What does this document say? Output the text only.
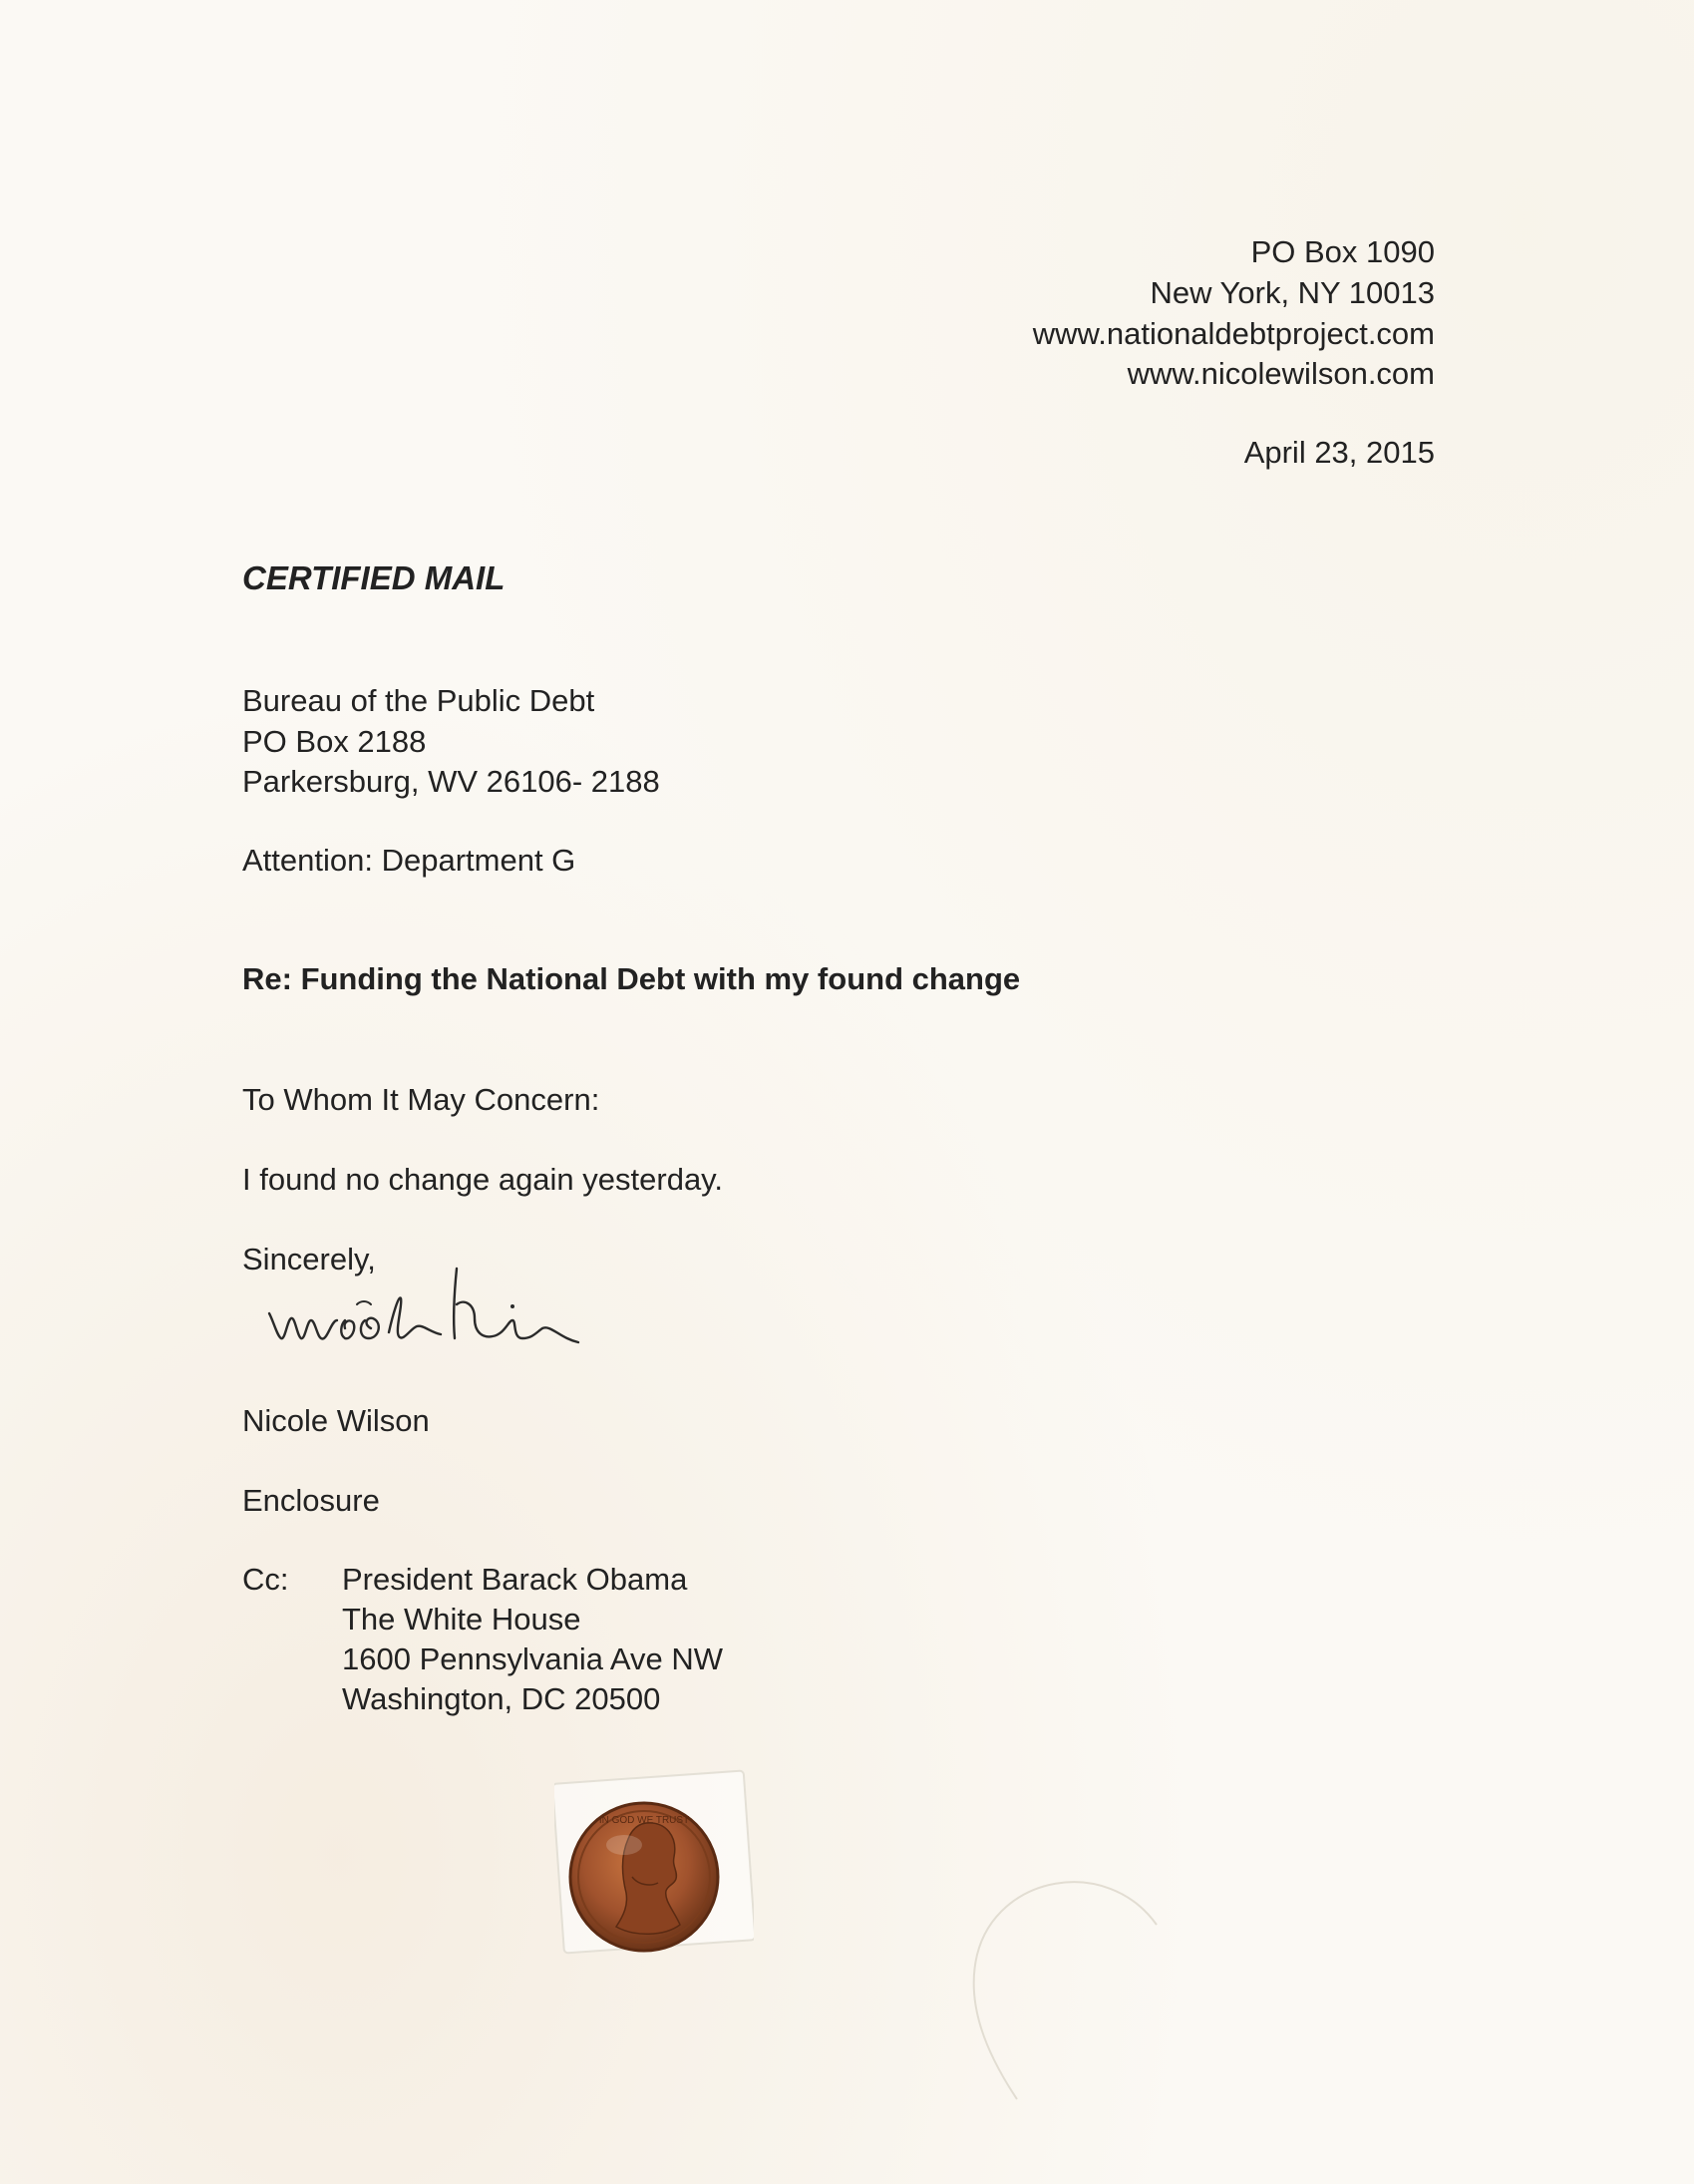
PO Box 1090
New York, NY 10013
www.nationaldebtproject.com
www.nicolewilson.com
April 23, 2015
CERTIFIED MAIL
Bureau of the Public Debt
PO Box 2188
Parkersburg, WV 26106- 2188
Attention: Department G
Re: Funding the National Debt with my found change
To Whom It May Concern:
I found no change again yesterday.
Sincerely,
Nicole Wilson
Enclosure
Cc: President Barack Obama
The White House
1600 Pennsylvania Ave NW
Washington, DC 20500
IN GOD WE TRUST
